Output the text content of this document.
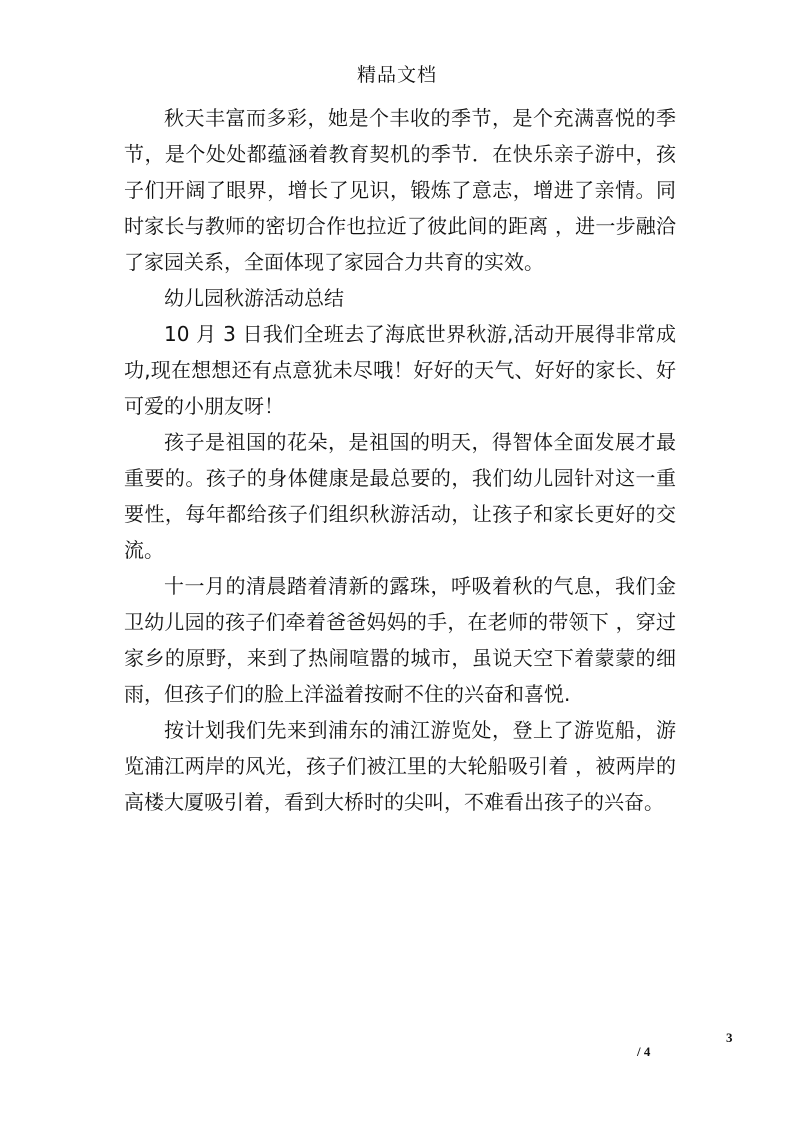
精品文档

秋天丰富而多彩，她是个丰收的季节，是个充满喜悦的季节，是个处处都蕴涵着教育契机的季节．在快乐亲子游中，孩子们开阔了眼界，增长了见识，锻炼了意志，增进了亲情。同时家长与教师的密切合作也拉近了彼此间的距离 ，进一步融洽了家园关系，全面体现了家园合力共育的实效。

幼儿园秋游活动总结

10 月 3 日我们全班去了海底世界秋游,活动开展得非常成功,现在想想还有点意犹未尽哦！好好的天气、好好的家长、好可爱的小朋友呀！

孩子是祖国的花朵，是祖国的明天，得智体全面发展才最重要的。孩子的身体健康是最总要的，我们幼儿园针对这一重要性，每年都给孩子们组织秋游活动，让孩子和家长更好的交流。

十一月的清晨踏着清新的露珠，呼吸着秋的气息，我们金卫幼儿园的孩子们牵着爸爸妈妈的手，在老师的带领下 ，穿过家乡的原野，来到了热闹喧嚣的城市，虽说天空下着蒙蒙的细雨，但孩子们的脸上洋溢着按耐不住的兴奋和喜悦.

按计划我们先来到浦东的浦江游览处，登上了游览船，游览浦江两岸的风光，孩子们被江里的大轮船吸引着 ，被两岸的高楼大厦吸引着，看到大桥时的尖叫，不难看出孩子的兴奋。

3
/ 4
